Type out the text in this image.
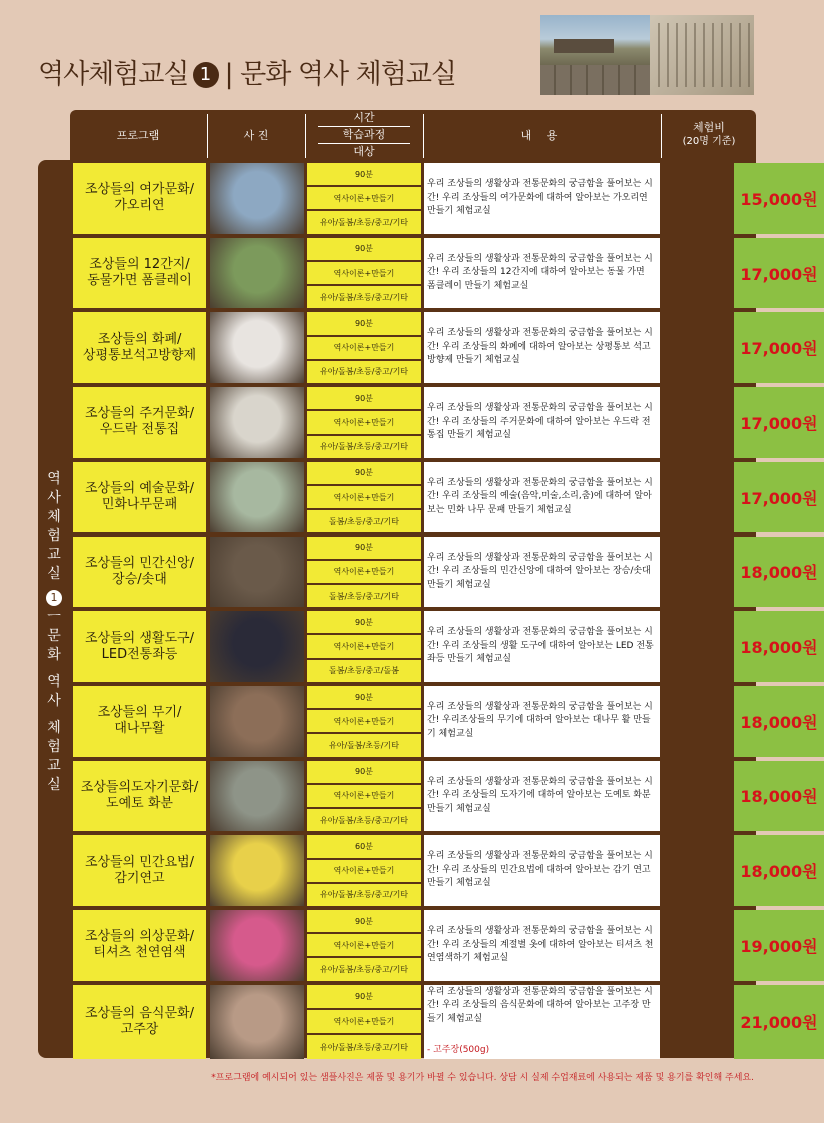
역사체험교실 1 | 문화 역사 체험교실
프로그램	사 진
시간
학습과정
대상
내 용
체험비
(20명 기준)
역
사
체
험
교
실
1
ㅡ
문
화
역
사
체
험
교
실
조상들의 여가문화/
가오리연
90분
역사이론+만들기
유아/돌봄/초등/중고/기타
우리 조상들의 생활상과 전통문화의 궁금함을 풀어보는 시간! 우리 조상들의 여가문화에 대하여 알아보는 가오리연 만들기 체험교실
15,000원
조상들의 12간지/
동물가면 폼클레이
90분
역사이론+만들기
유아/돌봄/초등/중고/기타
우리 조상들의 생활상과 전통문화의 궁금함을 풀어보는 시간! 우리 조상들의 12간지에 대하여 알아보는 동물 가면 폼클레이 만들기 체험교실
17,000원
조상들의 화폐/
상평통보석고방향제
90분
역사이론+만들기
유아/돌봄/초등/중고/기타
우리 조상들의 생활상과 전통문화의 궁금함을 풀어보는 시간! 우리 조상들의 화폐에 대하여 알아보는 상평통보 석고 방향제 만들기 체험교실
17,000원
조상들의 주거문화/
우드락 전통집
90분
역사이론+만들기
유아/돌봄/초등/중고/기타
우리 조상들의 생활상과 전통문화의 궁금함을 풀어보는 시간! 우리 조상들의 주거문화에 대하여 알아보는 우드락 전통집 만들기 체험교실
17,000원
조상들의 예술문화/
민화나무문패
90분
역사이론+만들기
돌봄/초등/중고/기타
우리 조상들의 생활상과 전통문화의 궁금함을 풀어보는 시간! 우리 조상들의 예술(음악,미술,소리,춤)에 대하여 알아보는 민화 나무 문패 만들기 체험교실
17,000원
조상들의 민간신앙/
장승/솟대
90분
역사이론+만들기
돌봄/초등/중고/기타
우리 조상들의 생활상과 전통문화의 궁금함을 풀어보는 시간! 우리 조상들의 민간신앙에 대하여 알아보는 장승/솟대 만들기 체험교실
18,000원
조상들의 생활도구/
LED전통좌등
90분
역사이론+만들기
돌봄/초등/중고/돌봄
우리 조상들의 생활상과 전통문화의 궁금함을 풀어보는 시간! 우리 조상들의 생활 도구에 대하여 알아보는 LED 전통좌등 만들기 체험교실
18,000원
조상들의 무기/
대나무활
90분
역사이론+만들기
유아/돌봄/초등/기타
우리 조상들의 생활상과 전통문화의 궁금함을 풀어보는 시간! 우리조상들의 무기에 대하여 알아보는 대나무 활 만들기 체험교실
18,000원
조상들의도자기문화/
도예토 화분
90분
역사이론+만들기
유아/돌봄/초등/중고/기타
우리 조상들의 생활상과 전통문화의 궁금함을 풀어보는 시간! 우리 조상들의 도자기에 대하여 알아보는 도예토 화분 만들기 체험교실
18,000원
조상들의 민간요법/
감기연고
60분
역사이론+만들기
유아/돌봄/초등/중고/기타
우리 조상들의 생활상과 전통문화의 궁금함을 풀어보는 시간! 우리 조상들의 민간요법에 대하여 알아보는 감기 연고 만들기 체험교실
18,000원
조상들의 의상문화/
티셔츠 천연염색
90분
역사이론+만들기
유아/돌봄/초등/중고/기타
우리 조상들의 생활상과 전통문화의 궁금함을 풀어보는 시간! 우리 조상들의 계절별 옷에 대하여 알아보는 티셔츠 천연염색하기 체험교실
19,000원
조상들의 음식문화/
고주장
90분
역사이론+만들기
유아/돌봄/초등/중고/기타
우리 조상들의 생활상과 전통문화의 궁금함을 풀어보는 시간! 우리 조상들의 음식문화에 대하여 알아보는 고주장 만들기 체험교실
- 고주장(500g)
21,000원
*프로그램에 예시되어 있는 샘플사진은 제품 및 용기가 바뀔 수 있습니다. 상담 시 실제 수업재료에 사용되는 제품 및 용기를 확인해 주세요.
